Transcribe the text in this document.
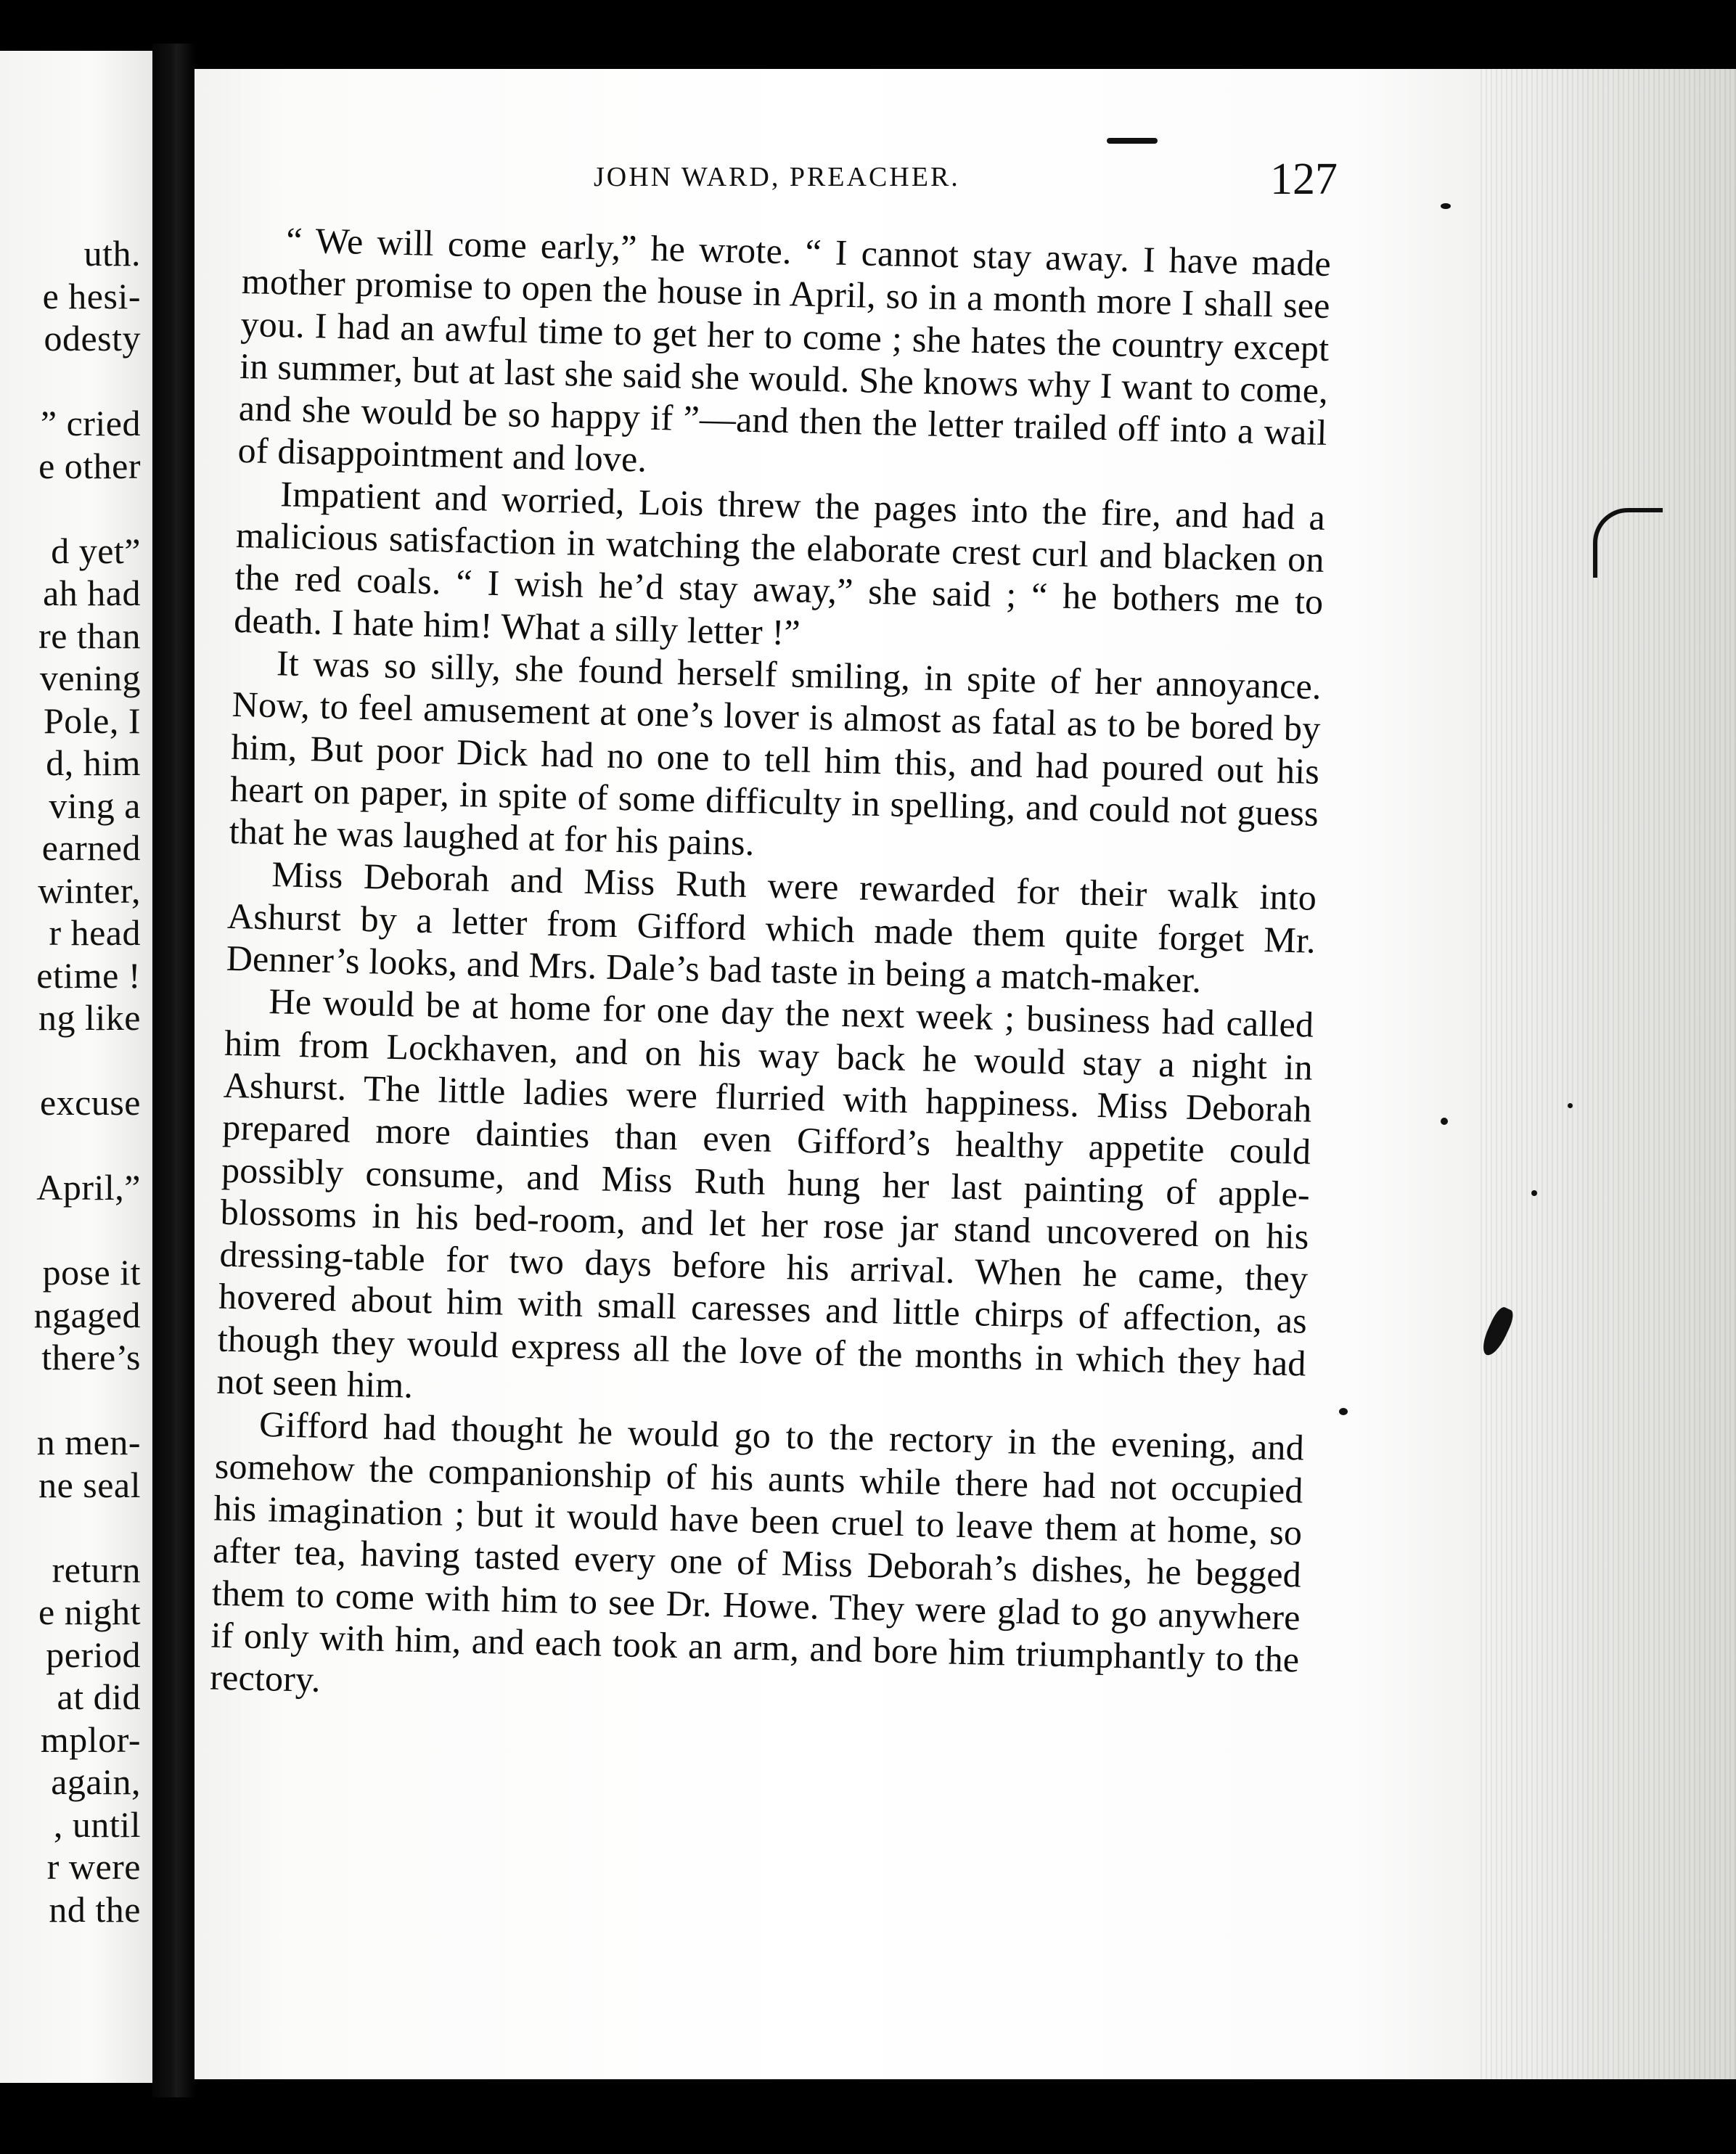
uth.
e hesi-
odesty

” cried
e other

d yet”
ah had
re than
vening
Pole, I
d, him
ving a
earned
winter,
r head
etime !
ng like

excuse

April,”

pose it
ngaged
there’s

n men-
ne seal

return
e night
period
at did
mplor-
again,
, until
r were
nd the
JOHN WARD, PREACHER.	127

“ We will come early,” he wrote. “ I cannot stay away. I have made mother promise to open the house in April, so in a month more I shall see you. I had an awful time to get her to come ; she hates the country except in summer, but at last she said she would. She knows why I want to come, and she would be so happy if ”—and then the letter trailed off into a wail of disappointment and love.

Impatient and worried, Lois threw the pages into the fire, and had a malicious satisfaction in watching the elaborate crest curl and blacken on the red coals. “ I wish he’d stay away,” she said ; “ he bothers me to death. I hate him! What a silly letter !”

It was so silly, she found herself smiling, in spite of her annoyance. Now, to feel amusement at one’s lover is almost as fatal as to be bored by him, But poor Dick had no one to tell him this, and had poured out his heart on paper, in spite of some difficulty in spelling, and could not guess that he was laughed at for his pains.

Miss Deborah and Miss Ruth were rewarded for their walk into Ashurst by a letter from Gifford which made them quite forget Mr. Denner’s looks, and Mrs. Dale’s bad taste in being a match-maker.

He would be at home for one day the next week ; business had called him from Lockhaven, and on his way back he would stay a night in Ashurst. The little ladies were flurried with happiness. Miss Deborah prepared more dainties than even Gifford’s healthy appetite could possibly consume, and Miss Ruth hung her last painting of apple-blossoms in his bed-room, and let her rose jar stand uncovered on his dressing-table for two days before his arrival. When he came, they hovered about him with small caresses and little chirps of affection, as though they would express all the love of the months in which they had not seen him.

Gifford had thought he would go to the rectory in the evening, and somehow the companionship of his aunts while there had not occupied his imagination ; but it would have been cruel to leave them at home, so after tea, having tasted every one of Miss Deborah’s dishes, he begged them to come with him to see Dr. Howe. They were glad to go anywhere if only with him, and each took an arm, and bore him triumphantly to the rectory.
